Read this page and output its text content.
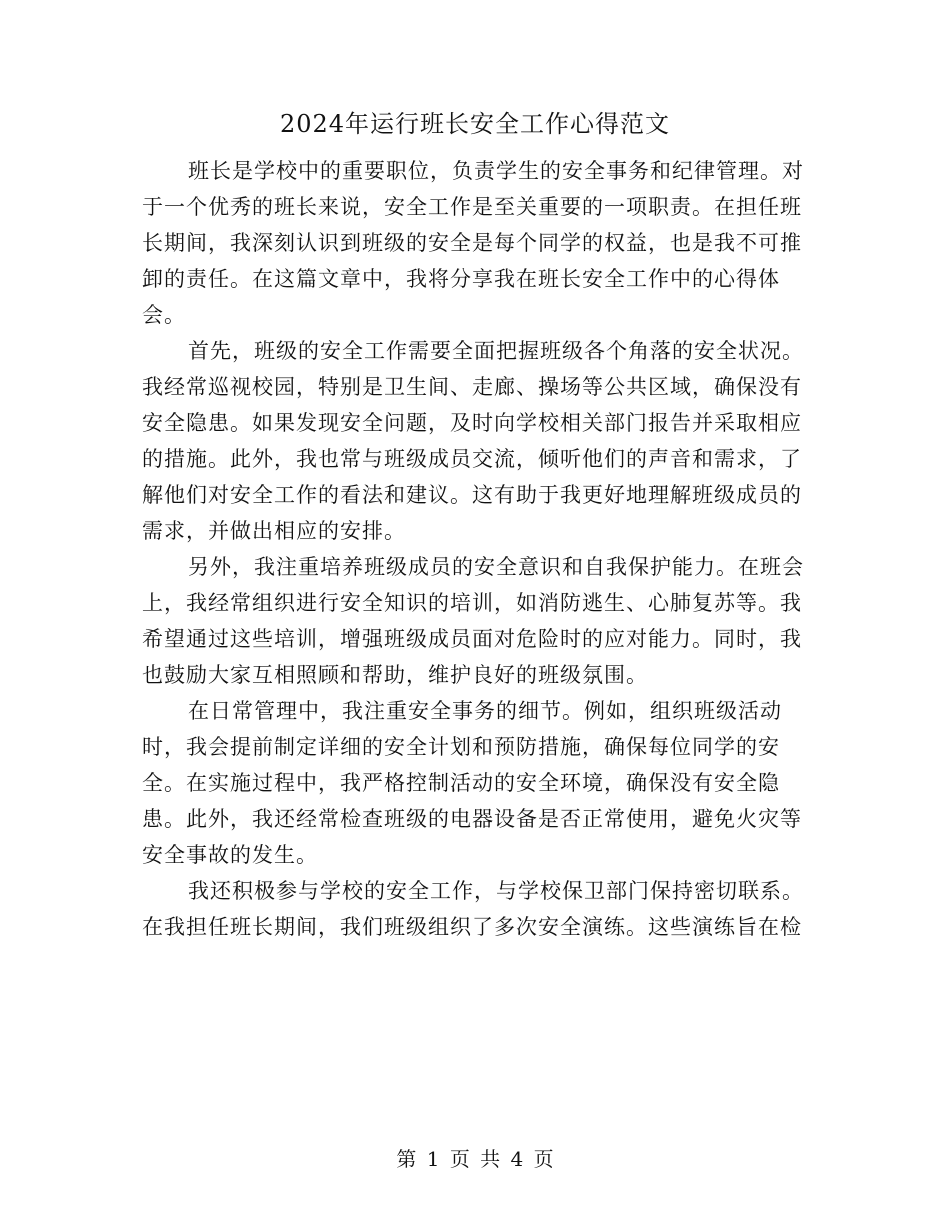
2024年运行班长安全工作心得范文
班长是学校中的重要职位，负责学生的安全事务和纪律管理。对
于一个优秀的班长来说，安全工作是至关重要的一项职责。在担任班
长期间，我深刻认识到班级的安全是每个同学的权益，也是我不可推
卸的责任。在这篇文章中，我将分享我在班长安全工作中的心得体
会。
首先，班级的安全工作需要全面把握班级各个角落的安全状况。
我经常巡视校园，特别是卫生间、走廊、操场等公共区域，确保没有
安全隐患。如果发现安全问题，及时向学校相关部门报告并采取相应
的措施。此外，我也常与班级成员交流，倾听他们的声音和需求，了
解他们对安全工作的看法和建议。这有助于我更好地理解班级成员的
需求，并做出相应的安排。
另外，我注重培养班级成员的安全意识和自我保护能力。在班会
上，我经常组织进行安全知识的培训，如消防逃生、心肺复苏等。我
希望通过这些培训，增强班级成员面对危险时的应对能力。同时，我
也鼓励大家互相照顾和帮助，维护良好的班级氛围。
在日常管理中，我注重安全事务的细节。例如，组织班级活动
时，我会提前制定详细的安全计划和预防措施，确保每位同学的安
全。在实施过程中，我严格控制活动的安全环境，确保没有安全隐
患。此外，我还经常检查班级的电器设备是否正常使用，避免火灾等
安全事故的发生。
我还积极参与学校的安全工作，与学校保卫部门保持密切联系。
在我担任班长期间，我们班级组织了多次安全演练。这些演练旨在检
第 1 页 共 4 页
